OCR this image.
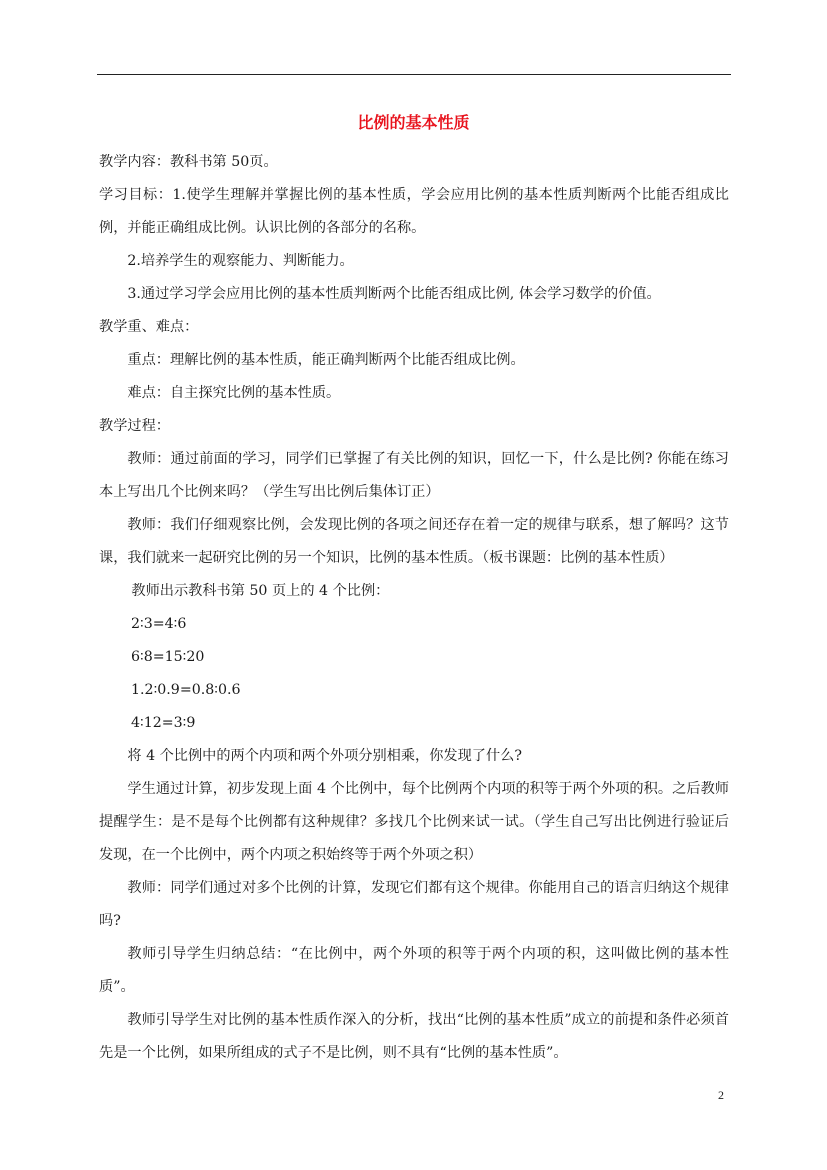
比例的基本性质

教学内容：教科书第 50页。

学习目标：1.使学生理解并掌握比例的基本性质，学会应用比例的基本性质判断两个比能否组成比例，并能正确组成比例。认识比例的各部分的名称。

2.培养学生的观察能力、判断能力。

3.通过学习学会应用比例的基本性质判断两个比能否组成比例, 体会学习数学的价值。

教学重、难点：

重点：理解比例的基本性质，能正确判断两个比能否组成比例。

难点：自主探究比例的基本性质。

教学过程：

教师：通过前面的学习，同学们已掌握了有关比例的知识，回忆一下，什么是比例? 你能在练习本上写出几个比例来吗？（学生写出比例后集体订正）

教师：我们仔细观察比例，会发现比例的各项之间还存在着一定的规律与联系，想了解吗？这节课，我们就来一起研究比例的另一个知识，比例的基本性质。（板书课题：比例的基本性质）

教师出示教科书第 50 页上的 4 个比例：

2∶3=4∶6

6∶8=15∶20

1.2∶0.9=0.8∶0.6

4∶12=3∶9

将 4 个比例中的两个内项和两个外项分别相乘，你发现了什么?

学生通过计算，初步发现上面 4 个比例中，每个比例两个内项的积等于两个外项的积。之后教师提醒学生：是不是每个比例都有这种规律？多找几个比例来试一试。（学生自己写出比例进行验证后发现，在一个比例中，两个内项之积始终等于两个外项之积）

教师：同学们通过对多个比例的计算，发现它们都有这个规律。你能用自己的语言归纳这个规律吗?

教师引导学生归纳总结：“在比例中，两个外项的积等于两个内项的积，这叫做比例的基本性质”。

教师引导学生对比例的基本性质作深入的分析，找出“比例的基本性质”成立的前提和条件必须首先是一个比例，如果所组成的式子不是比例，则不具有“比例的基本性质”。

2
